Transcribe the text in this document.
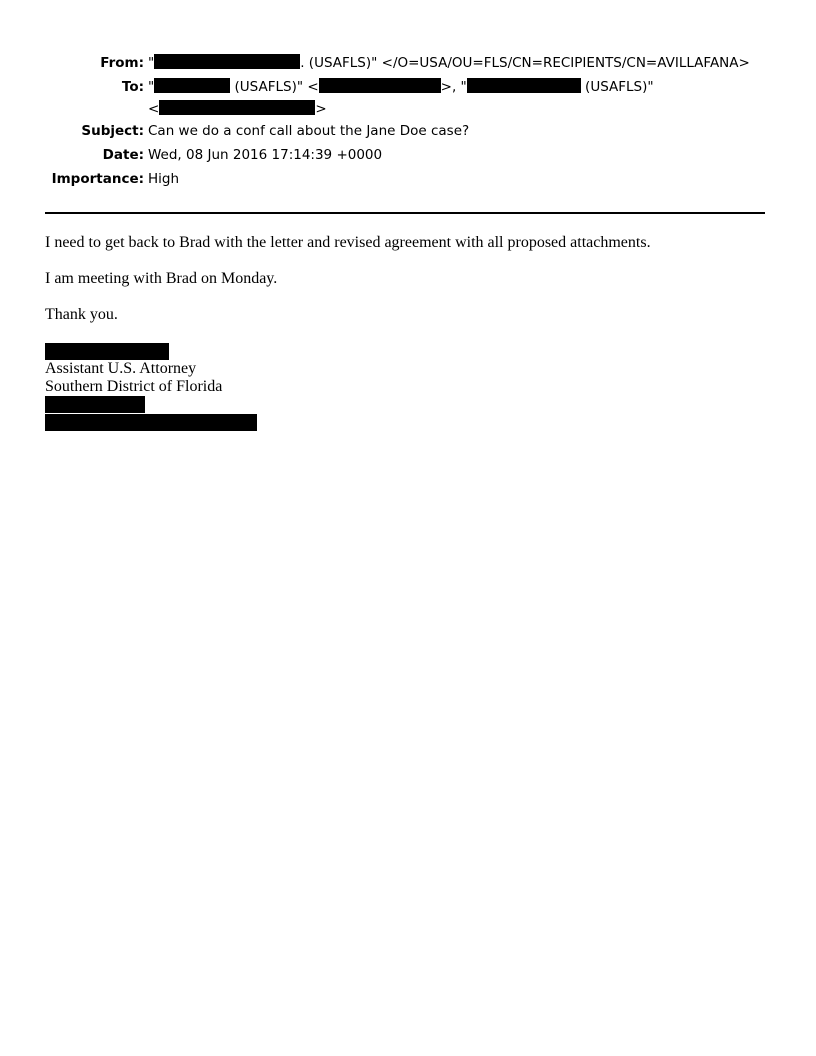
From: "	. (USAFLS)" </O=USA/OU=FLS/CN=RECIPIENTS/CN=AVILLAFANA>
To: "	(USAFLS)" <	>, "	(USAFLS)"
<	>
Subject: Can we do a conf call about the Jane Doe case?
Date: Wed, 08 Jun 2016 17:14:39 +0000
Importance: High

I need to get back to Brad with the letter and revised agreement with all proposed attachments.

I am meeting with Brad on Monday.

Thank you.

Assistant U.S. Attorney
Southern District of Florida
